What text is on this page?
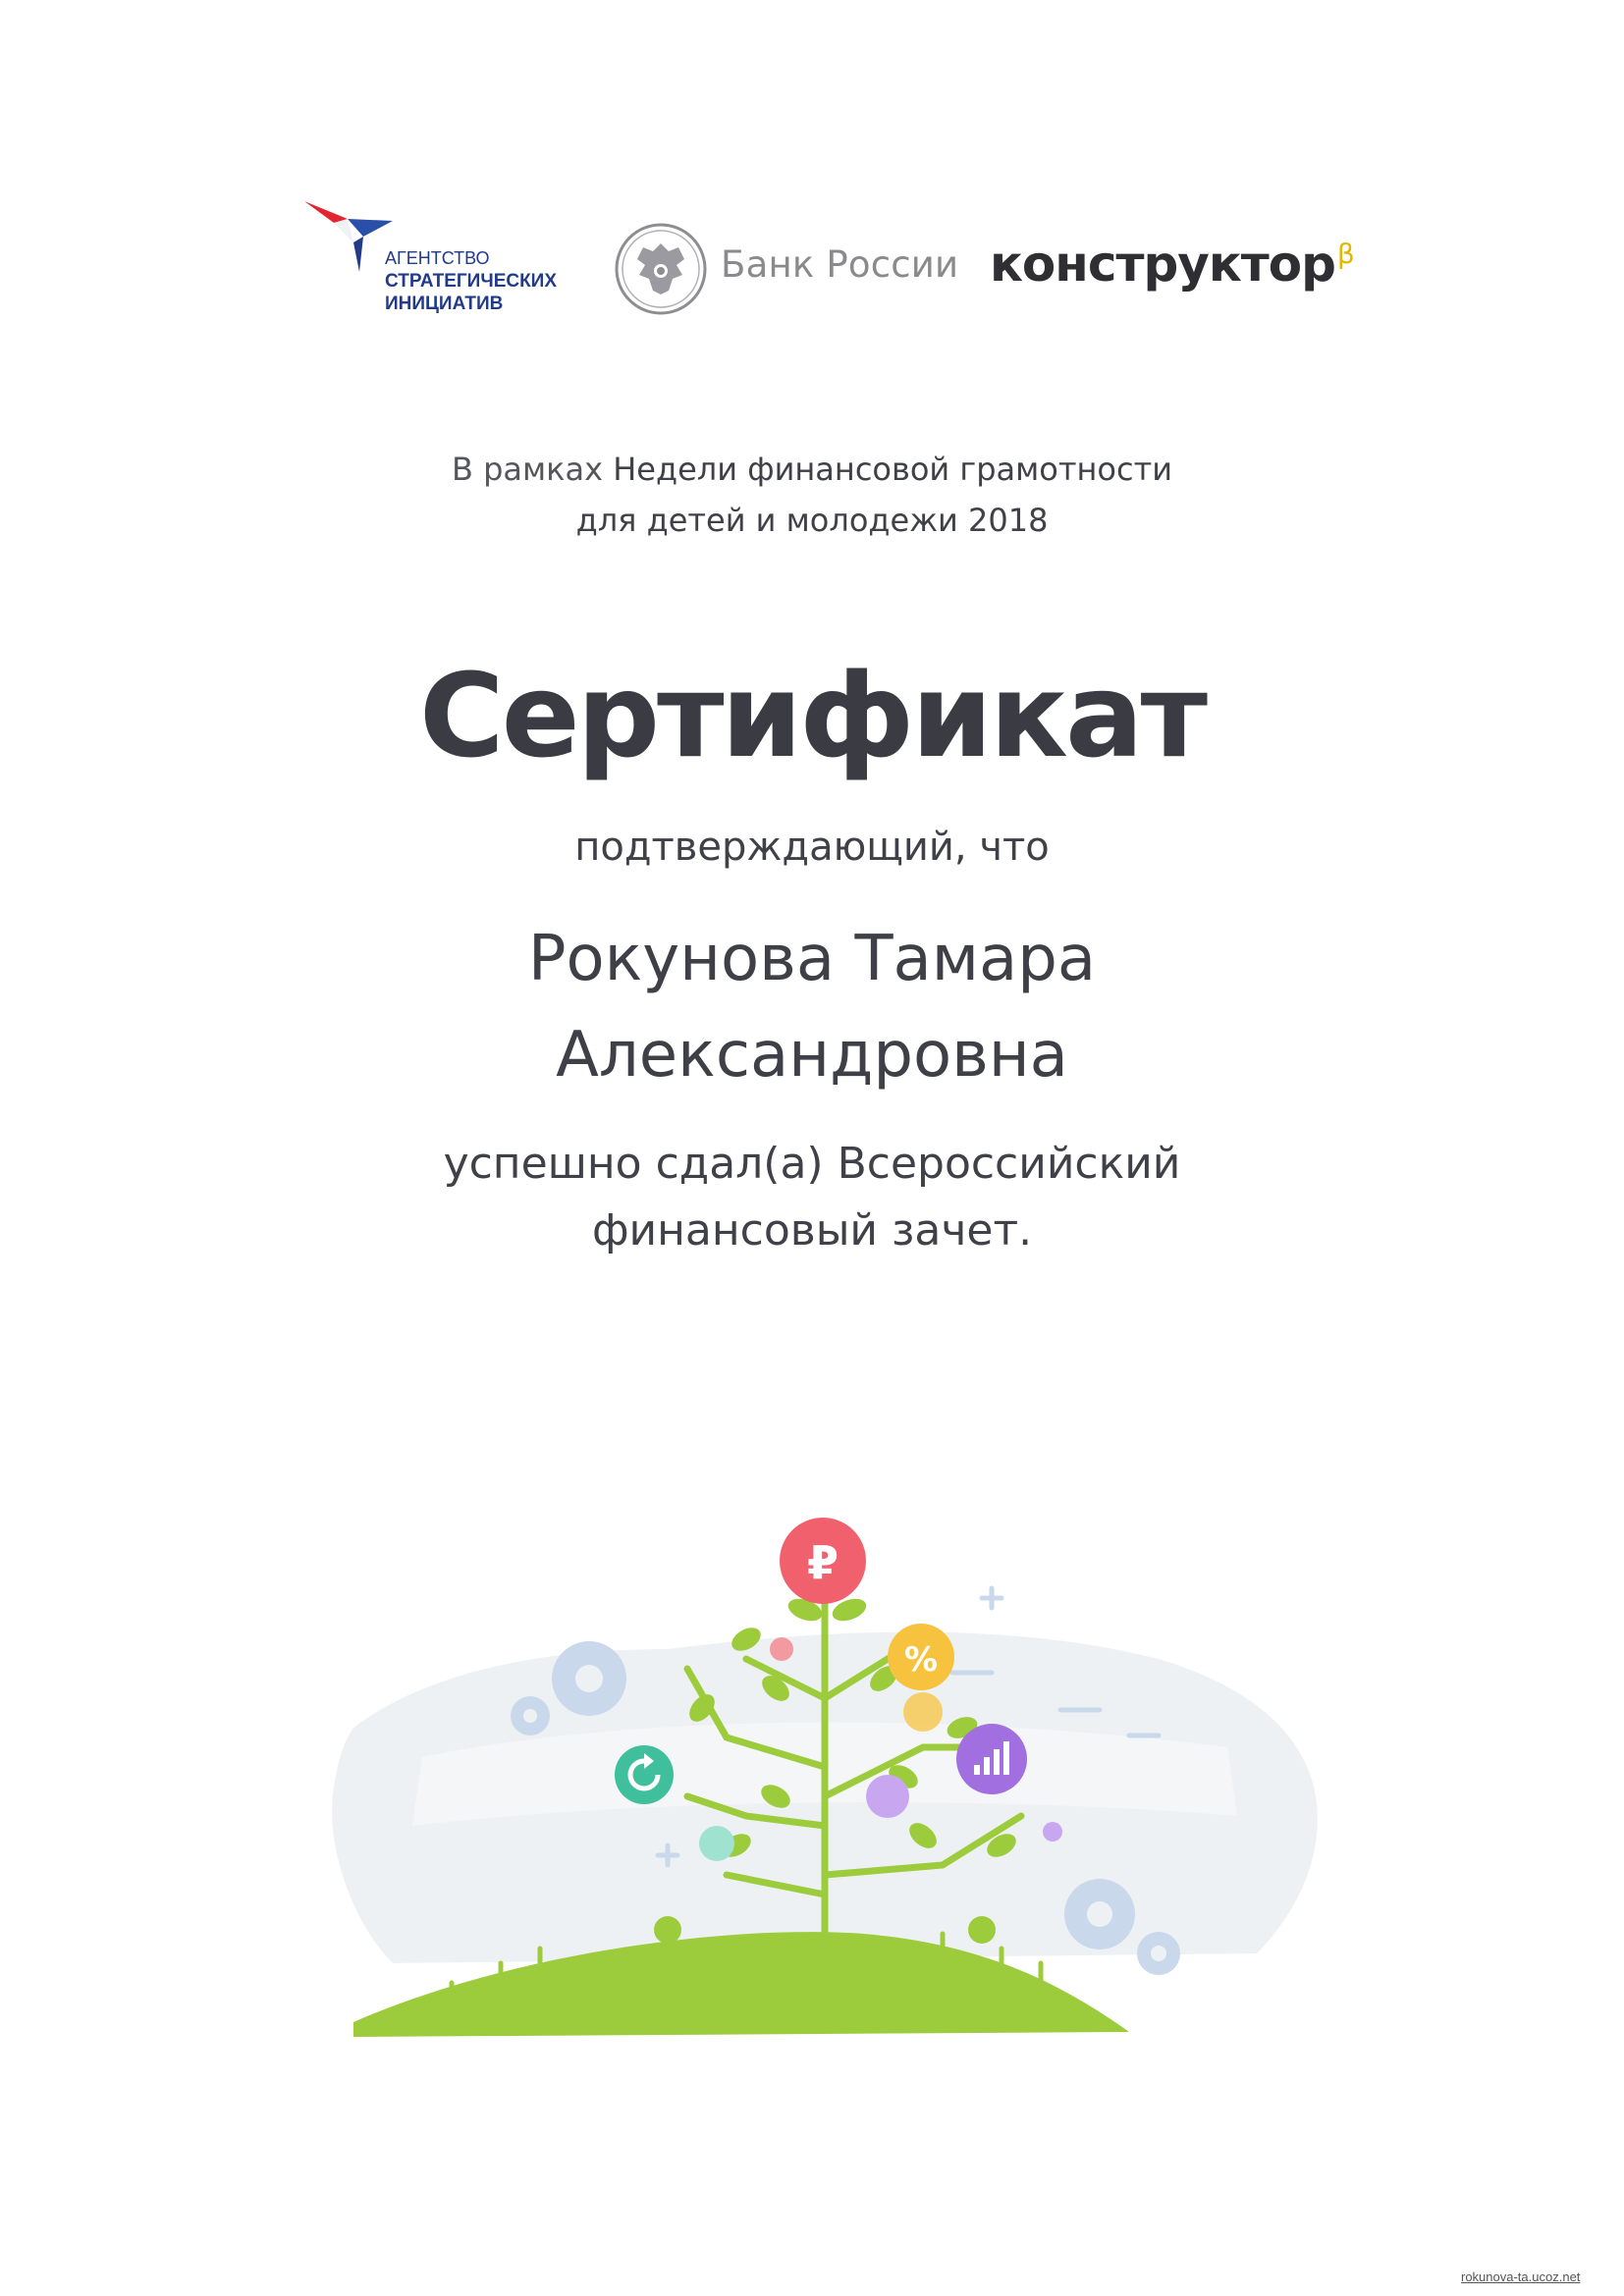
АГЕНТСТВО
СТРАТЕГИЧЕСКИХ
ИНИЦИАТИВ
Банк России конструктор$^\beta$
В рамках Недели финансовой грамотности
для детей и молодежи 2018
Сертификат
подтверждающий, что
Рокунова Тамара
Александровна
успешно сдал(а) Всероссийский
финансовый зачет.
₽
%
rokunova-ta.ucoz.net
